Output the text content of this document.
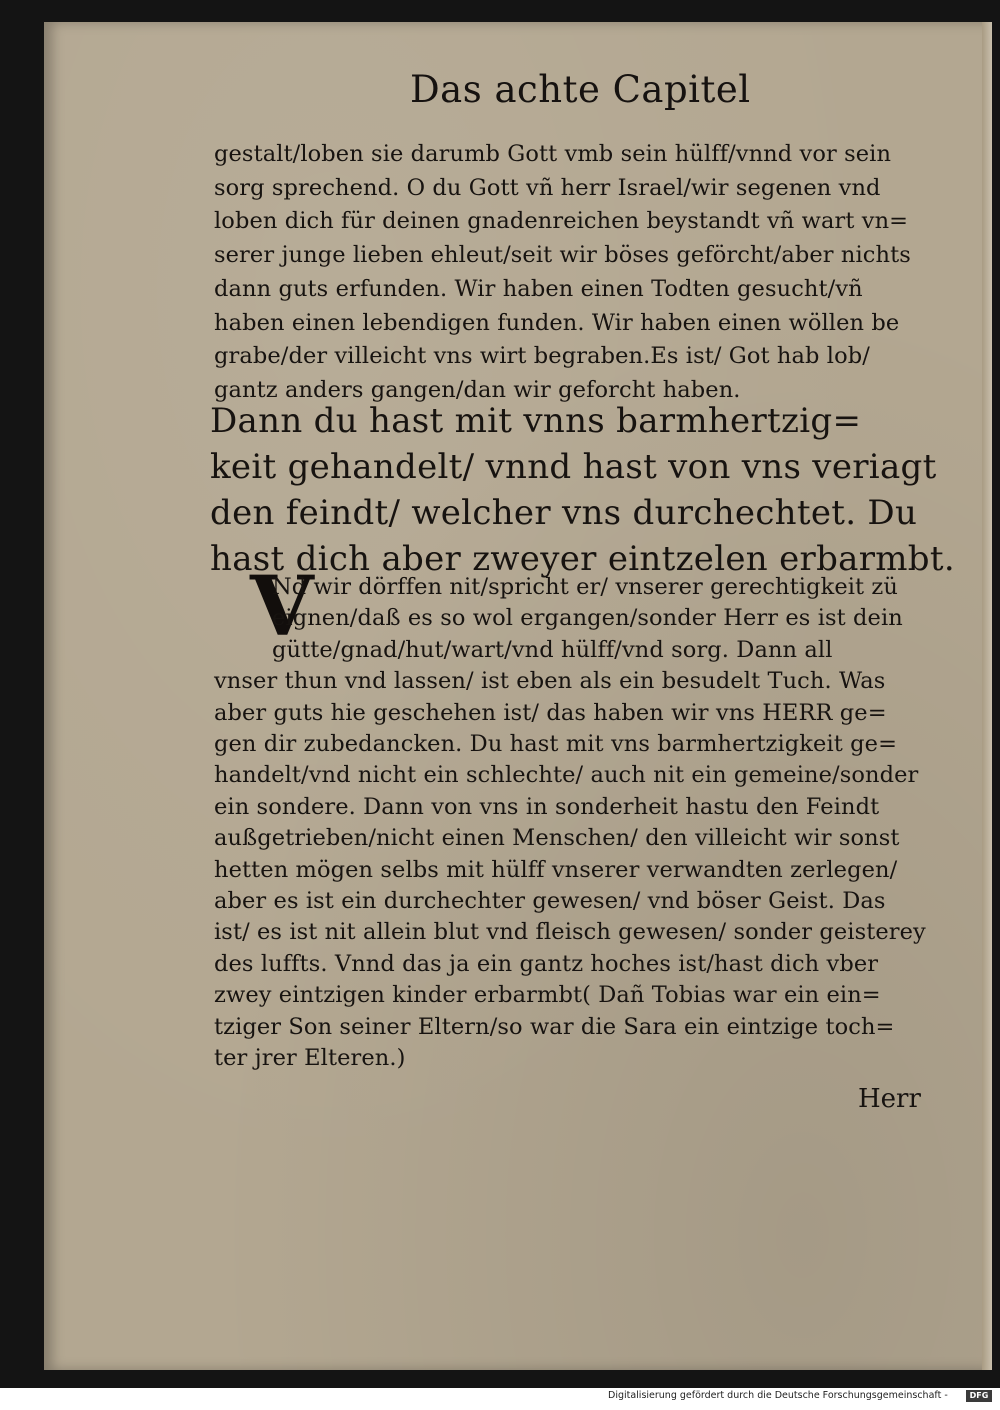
Das achte Capitel
gestalt/loben sie darumb Gott vmb sein hülff/vnnd vor sein
sorg sprechend. O du Gott vñ herr Israel/wir segenen vnd
loben dich für deinen gnadenreichen beystandt vñ wart vn=
serer junge lieben ehleut/seit wir böses geförcht/aber nichts
dann guts erfunden. Wir haben einen Todten gesucht/vñ
haben einen lebendigen funden. Wir haben einen wöllen be
grabe/der villeicht vns wirt begraben.Es ist/ Got hab lob/
gantz anders gangen/dan wir geforcht haben.
Dann du hast mit vnns barmhertzig=
keit gehandelt/ vnnd hast von vns veriagt
den feindt/ welcher vns durchechtet. Du
hast dich aber zweyer eintzelen erbarmbt.
V
Nd wir dörffen nit/spricht er/ vnserer gerechtigkeit zü
eignen/daß es so wol ergangen/sonder Herr es ist dein
gütte/gnad/hut/wart/vnd hülff/vnd sorg. Dann all
vnser thun vnd lassen/ ist eben als ein besudelt Tuch. Was
aber guts hie geschehen ist/ das haben wir vns HERR ge=
gen dir zubedancken. Du hast mit vns barmhertzigkeit ge=
handelt/vnd nicht ein schlechte/ auch nit ein gemeine/sonder
ein sondere. Dann von vns in sonderheit hastu den Feindt
außgetrieben/nicht einen Menschen/ den villeicht wir sonst
hetten mögen selbs mit hülff vnserer verwandten zerlegen/
aber es ist ein durchechter gewesen/ vnd böser Geist. Das
ist/ es ist nit allein blut vnd fleisch gewesen/ sonder geisterey
des luffts. Vnnd das ja ein gantz hoches ist/hast dich vber
zwey eintzigen kinder erbarmbt( Dañ Tobias war ein ein=
tziger Son seiner Eltern/so war die Sara ein eintzige toch=
ter jrer Elteren.)
Herr
Digitalisierung gefördert durch die Deutsche Forschungsgemeinschaft -	DFG
